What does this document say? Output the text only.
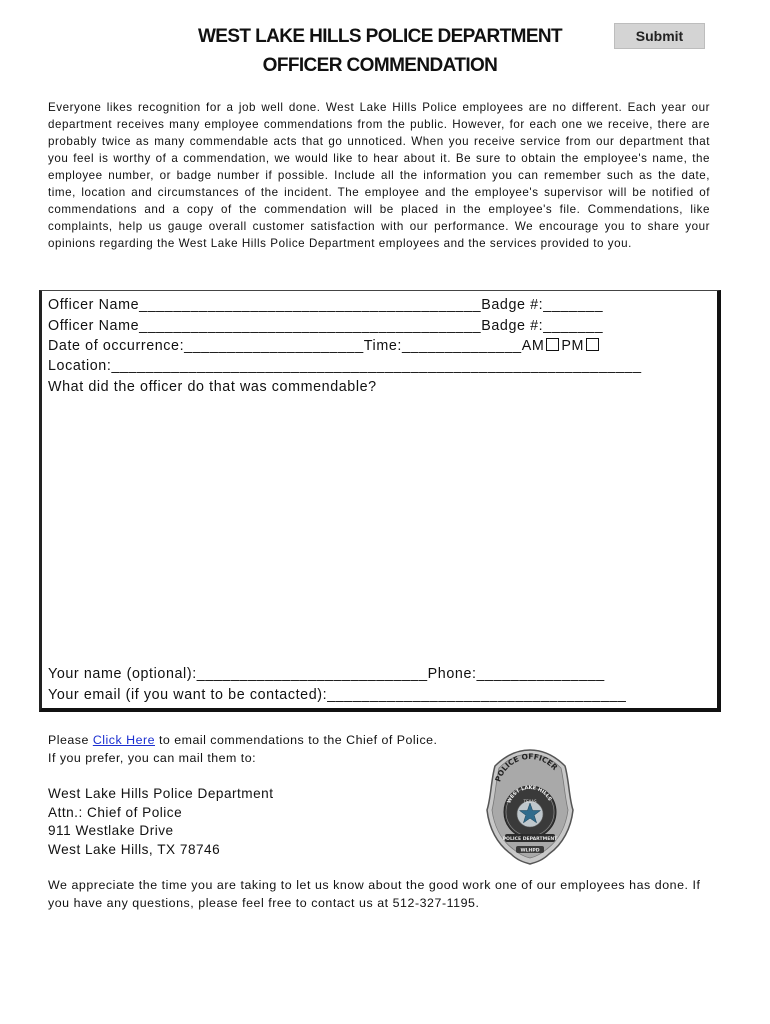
WEST LAKE HILLS POLICE DEPARTMENT
OFFICER COMMENDATION
Submit

Everyone likes recognition for a job well done. West Lake Hills Police employees are no different. Each year our department receives many employee commendations from the public. However, for each one we receive, there are probably twice as many commendable acts that go unnoticed. When you receive service from our department that you feel is worthy of a commendation, we would like to hear about it. Be sure to obtain the employee's name, the employee number, or badge number if possible. Include all the information you can remember such as the date, time, location and circumstances of the incident. The employee and the employee's supervisor will be notified of commendations and a copy of the commendation will be placed in the employee's file. Commendations, like complaints, help us gauge overall customer satisfaction with our performance. We encourage you to share your opinions regarding the West Lake Hills Police Department employees and the services provided to you.

Officer Name________________________________________Badge #:_______

Officer Name________________________________________Badge #:_______

Date of occurrence:_____________________Time:______________AM PM

Location:______________________________________________________________

What did the officer do that was commendable?

Your name (optional):___________________________Phone:_______________

Your email (if you want to be contacted):___________________________________

Please Click Here to email commendations to the Chief of Police.

If you prefer, you can mail them to:

West Lake Hills Police Department

Attn.: Chief of Police

911 Westlake Drive

West Lake Hills, TX 78746

We appreciate the time you are taking to let us know about the good work one of our employees has done. If you have any questions, please feel free to contact us at 512-327-1195.

POLICE OFFICER
WEST LAKE HILLS
TEXAS
POLICE DEPARTMENT
WLHPD
